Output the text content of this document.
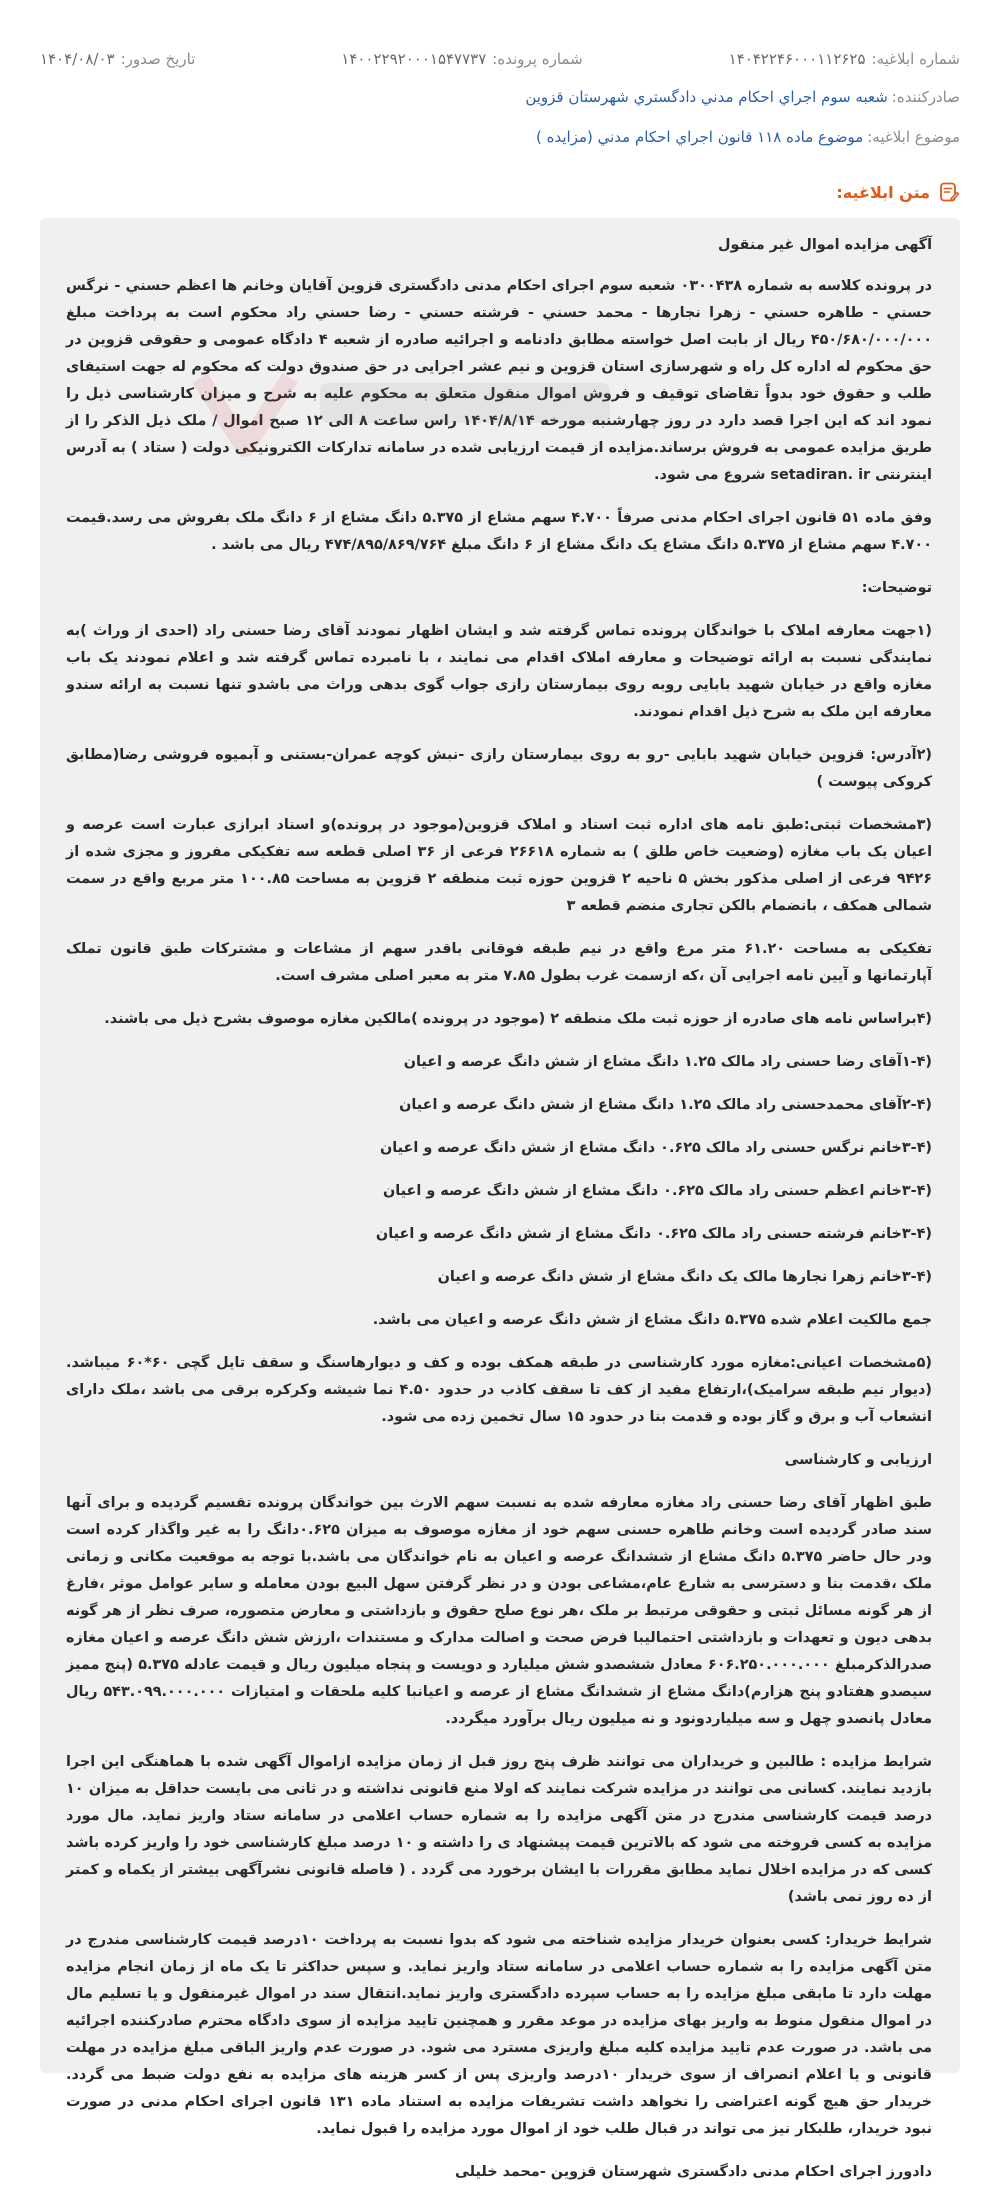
شماره ابلاغیه:
۱۴۰۴۲۲۴۶۰۰۰۱۱۲۶۲۵
شماره پرونده:
۱۴۰۰۲۲۹۲۰۰۰۱۵۴۷۷۳۷
تاریخ صدور:
۱۴۰۴/۰۸/۰۳
صادرکننده:
شعبه سوم اجراي احكام مدني دادگستري شهرستان قزوين
موضوع ابلاغیه:
موضوع ماده ۱۱۸ قانون اجراي احكام مدني (مزايده )
متن ابلاغیه:

آگهی مزایده اموال غیر منقول

در پرونده كلاسه به شماره ۰۳۰۰۴۳۸ شعبه سوم اجرای احكام مدنی دادگستری قزوین آقایان وخانم ها اعظم حسني - نرگس حسني - طاهره حسني - زهرا نجارها - محمد حسني - فرشته حسني - رضا حسني راد محکوم است به پرداخت مبلغ ۴۵۰/۶۸۰/۰۰۰/۰۰۰ ریال از بابت اصل خواسته مطابق دادنامه و اجرائیه صادره از شعبه ۴ دادگاه عمومی و حقوقی قزوین در حق محکوم له اداره کل راه و شهرسازی استان قزوین و نیم عشر اجرایی در حق صندوق دولت كه محكوم له جهت استیفای طلب و حقوق خود بدواً تقاضای توقیف و فروش اموال منقول متعلق به محكوم علیه به شرح و میزان كارشناسی ذیل را نمود اند كه این اجرا قصد دارد در روز چهارشنبه مورخه ۱۴۰۴/۸/۱۴ راس ساعت ۸ الی ۱۲ صبح اموال / ملک ذیل الذکر را از طریق مزایده عمومی به فروش برساند.مزایده از قیمت ارزیابی شده در سامانه تدارکات الکترونیکی دولت ( ستاد ) به آدرس اینترنتی setadiran. ir شروع می شود.

وفق ماده ۵۱ قانون اجرای احکام مدنی صرفاً ۴.۷۰۰ سهم مشاع از ۵.۳۷۵ دانگ مشاع از ۶ دانگ ملک بفروش می رسد.قیمت ۴.۷۰۰ سهم مشاع از ۵.۳۷۵ دانگ مشاع یک دانگ مشاع از ۶ دانگ مبلغ ۴۷۴/۸۹۵/۸۶۹/۷۶۴ ریال می باشد .

توضیحات:

(۱جهت معارفه املاک با خواندگان پرونده تماس گرفته شد و ایشان اظهار نمودند آقای رضا حسنی راد (احدی از وراث )به نمایندگی نسبت به ارائه توضیحات و معارفه املاک اقدام می نمایند ، با نامبرده تماس گرفته شد و اعلام نمودند یک باب مغازه واقع در خیابان شهید بابایی روبه روی بیمارستان رازی جواب گوی بدهی وراث می باشدو تنها نسبت به ارائه سندو معارفه این ملک به شرح ذیل اقدام نمودند.

(۲آدرس: قزوین خیابان شهید بابایی -رو به روی بیمارستان رازی -نبش کوچه عمران-بستنی و آبمیوه فروشی رضا(مطابق کروکی پیوست )

(۳مشخصات ثبتی:طبق نامه های اداره ثبت اسناد و املاک قزوین(موجود در پرونده)و اسناد ابرازی عبارت است عرصه و اعیان یک باب مغازه (وضعیت خاص طلق ) به شماره ۲۶۶۱۸ فرعی از ۳۶ اصلی قطعه سه تفکیکی مفروز و مجزی شده از ۹۴۲۶ فرعی از اصلی مذکور بخش ۵ ناحیه ۲ قزوین حوزه ثبت منطقه ۲ قزوین به مساحت ۱۰۰.۸۵ متر مربع واقع در سمت شمالی همکف ، بانضمام بالکن تجاری منضم قطعه ۳

تفکیکی به مساحت ۶۱.۲۰ متر مرع واقع در نیم طبقه فوقانی باقدر سهم از مشاعات و مشترکات طبق قانون تملک آپارتمانها و آیین نامه اجرایی آن ،که ازسمت غرب بطول ۷.۸۵ متر به معبر اصلی مشرف است.

(۴براساس نامه های صادره از حوزه ثبت ملک منطقه ۲ (موجود در پرونده )مالکین مغازه موصوف بشرح ذیل می باشند.

(۱-۴آقای رضا حسنی راد مالک ۱.۲۵ دانگ مشاع از شش دانگ عرصه و اعیان

(۲-۴آقای محمدحسنی راد مالک ۱.۲۵ دانگ مشاع از شش دانگ عرصه و اعیان

(۳-۴خانم نرگس حسنی راد مالک ۰.۶۲۵ دانگ مشاع از شش دانگ عرصه و اعیان

(۳-۴خانم اعظم حسنی راد مالک ۰.۶۲۵ دانگ مشاع از شش دانگ عرصه و اعیان

(۳-۴خانم فرشته حسنی راد مالک ۰.۶۲۵ دانگ مشاع از شش دانگ عرصه و اعیان

(۳-۴خانم زهرا نجارها مالک یک دانگ مشاع از شش دانگ عرصه و اعیان

جمع مالکیت اعلام شده ۵.۳۷۵ دانگ مشاع از شش دانگ عرصه و اعیان می باشد.

(۵مشخصات اعیانی:مغازه مورد کارشناسی در طبقه همکف بوده و کف و دیوارهاسنگ و سقف تایل گچی ۶۰*۶۰ میباشد.(دیوار نیم طبقه سرامیک)،ارتفاع مفید از کف تا سقف کاذب در حدود ۴.۵۰ نما شیشه وکرکره برقی می باشد ،ملک دارای انشعاب آب و برق و گاز بوده و قدمت بنا در حدود ۱۵ سال تخمین زده می شود.

ارزیابی و کارشناسی

طبق اظهار آقای رضا حسنی راد مغازه معارفه شده به نسبت سهم الارث بین خواندگان پرونده تقسیم گردیده و برای آنها سند صادر گردیده است وخانم طاهره حسنی سهم خود از مغازه موصوف به میزان ۰.۶۲۵دانگ را به غیر واگذار کرده است ودر حال حاضر ۵.۳۷۵ دانگ مشاع از ششدانگ عرصه و اعیان به نام خواندگان می باشد.با توجه به موقعیت مکانی و زمانی ملک ،قدمت بنا و دسترسی به شارع عام،مشاعی بودن و در نظر گرفتن سهل البیع بودن معامله و سایر عوامل موثر ،فارغ از هر گونه مسائل ثبتی و حقوقی مرتبط بر ملک ،هر نوع صلح حقوق و بازداشتی و معارض متصوره، صرف نظر از هر گونه بدهی دیون و تعهدات و بازداشتی احتمالیبا فرض صحت و اصالت مدارک و مستندات ،ارزش شش دانگ عرصه و اعیان مغازه صدرالذکرمبلغ ۶۰۶.۲۵۰.۰۰۰.۰۰۰ معادل ششصدو شش میلیارد و دویست و پنجاه میلیون ریال و قیمت عادله ۵.۳۷۵ (پنج ممیز سیصدو هفتادو پنج هزارم)دانگ مشاع از ششدانگ مشاع از عرصه و اعیانبا کلیه ملحقات و امتیازات ۵۴۳.۰۹۹.۰۰۰.۰۰۰ ریال معادل پانصدو چهل و سه میلیاردونود و نه میلیون ریال برآورد میگردد.

شرایط مزایده : طالبین و خریداران می توانند ظرف پنج روز قبل از زمان مزایده ازاموال آگهی شده با هماهنگی این اجرا بازدید نمایند. کسانی می توانند در مزایده شرکت نمایند که اولا منع قانونی نداشته و در ثانی می بایست حداقل به میزان ۱۰ درصد قیمت کارشناسی مندرج در متن آگهی مزایده را به شماره حساب اعلامی در سامانه ستاد واریز نماید. مال مورد مزایده به کسی فروخته می شود که بالاترین قیمت پیشنهاد ی را داشته و ۱۰ درصد مبلغ کارشناسی خود را واریز کرده باشد کسی که در مزایده اخلال نماید مطابق مقررات با ایشان برخورد می گردد . ( فاصله قانونی نشرآگهی بیشتر از یکماه و کمتر از ده روز نمی باشد)

شرایط خریدار: کسی بعنوان خریدار مزایده شناخته می شود که بدوا نسبت به پرداخت ۱۰درصد قیمت کارشناسی مندرج در متن آگهی مزایده را به شماره حساب اعلامی در سامانه ستاد واریز نماید. و سپس حداکثر تا یک ماه از زمان انجام مزایده مهلت دارد تا مابقی مبلغ مزایده را به حساب سپرده دادگستری واریز نماید.انتقال سند در اموال غیرمنقول و یا تسلیم مال در اموال منقول منوط به واریز بهای مزایده در موعد مقرر و همچنین تایید مزایده از سوی دادگاه محترم صادرکننده اجرائیه می باشد. در صورت عدم تایید مزایده کلیه مبلغ واریزی مسترد می شود. در صورت عدم واریز الباقی مبلغ مزایده در مهلت قانونی و یا اعلام انصراف از سوی خریدار ۱۰درصد واریزی پس از کسر هزینه های مزایده به نفع دولت ضبط می گردد. خریدار حق هیچ گونه اعتراضی را نخواهد داشت تشریفات مزایده به استناد ماده ۱۳۱ قانون اجرای احکام مدنی در صورت نبود خریدار، طلبکار نیز می تواند در قبال طلب خود از اموال مورد مزایده را قبول نماید.

دادورز اجرای احکام مدنی دادگستری شهرستان قزوین -محمد خلیلی
